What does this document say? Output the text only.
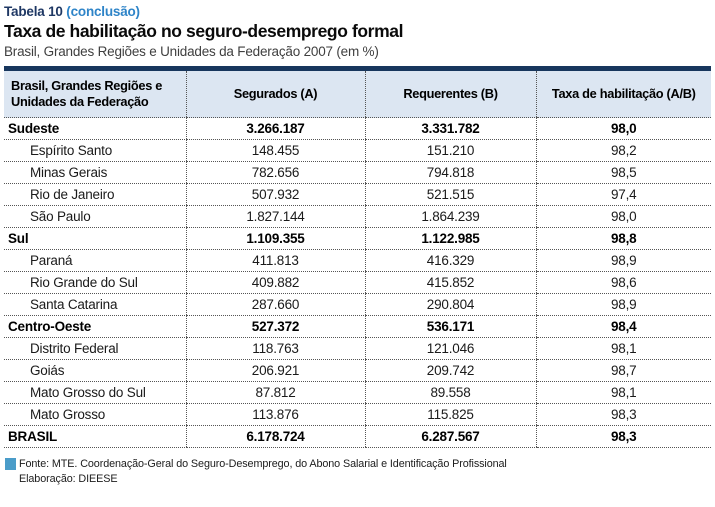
Tabela 10 (conclusão)
Taxa de habilitação no seguro-desemprego formal
Brasil, Grandes Regiões e Unidades da Federação 2007 (em %)
Brasil, Grandes Regiões e Unidades da Federação	Segurados (A)	Requerentes (B)	Taxa de habilitação (A/B)
Sudeste	3.266.187	3.331.782	98,0
Espírito Santo	148.455	151.210	98,2
Minas Gerais	782.656	794.818	98,5
Rio de Janeiro	507.932	521.515	97,4
São Paulo	1.827.144	1.864.239	98,0
Sul	1.109.355	1.122.985	98,8
Paraná	411.813	416.329	98,9
Rio Grande do Sul	409.882	415.852	98,6
Santa Catarina	287.660	290.804	98,9
Centro-Oeste	527.372	536.171	98,4
Distrito Federal	118.763	121.046	98,1
Goiás	206.921	209.742	98,7
Mato Grosso do Sul	87.812	89.558	98,1
Mato Grosso	113.876	115.825	98,3
BRASIL	6.178.724	6.287.567	98,3
Fonte: MTE. Coordenação-Geral do Seguro-Desemprego, do Abono Salarial e Identificação Profissional
Elaboração: DIEESE
